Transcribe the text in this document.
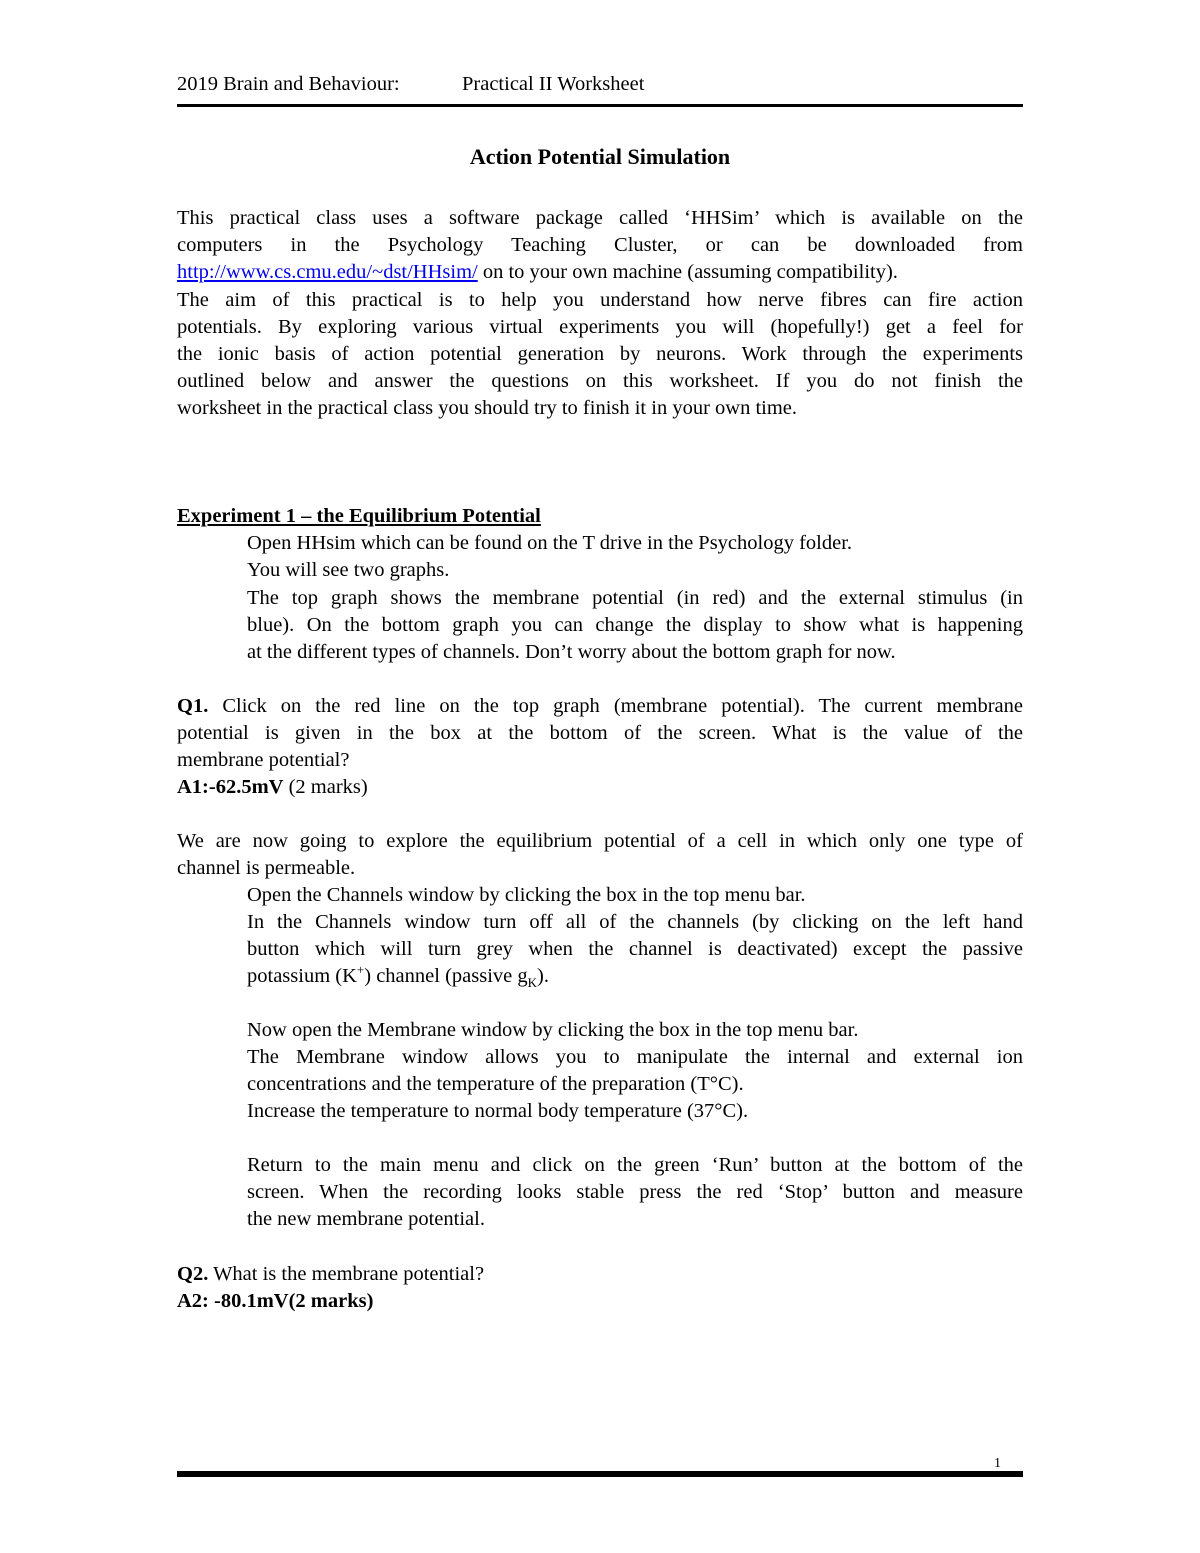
2019 Brain and Behaviour:	Practical II Worksheet
Action Potential Simulation
This practical class uses a software package called ‘HHSim’ which is available on the
computers in the Psychology Teaching Cluster, or can be downloaded from
http://www.cs.cmu.edu/~dst/HHsim/ on to your own machine (assuming compatibility).
The aim of this practical is to help you understand how nerve fibres can fire action
potentials. By exploring various virtual experiments you will (hopefully!) get a feel for
the ionic basis of action potential generation by neurons. Work through the experiments
outlined below and answer the questions on this worksheet. If you do not finish the
worksheet in the practical class you should try to finish it in your own time.
Experiment 1 – the Equilibrium Potential
Open HHsim which can be found on the T drive in the Psychology folder.
You will see two graphs.
The top graph shows the membrane potential (in red) and the external stimulus (in
blue). On the bottom graph you can change the display to show what is happening
at the different types of channels. Don’t worry about the bottom graph for now.
Q1. Click on the red line on the top graph (membrane potential). The current membrane
potential is given in the box at the bottom of the screen. What is the value of the
membrane potential?
A1:-62.5mV (2 marks)
We are now going to explore the equilibrium potential of a cell in which only one type of
channel is permeable.
Open the Channels window by clicking the box in the top menu bar.
In the Channels window turn off all of the channels (by clicking on the left hand
button which will turn grey when the channel is deactivated) except the passive
potassium (K+) channel (passive $g_K$).
Now open the Membrane window by clicking the box in the top menu bar.
The Membrane window allows you to manipulate the internal and external ion
concentrations and the temperature of the preparation (T°C).
Increase the temperature to normal body temperature (37°C).
Return to the main menu and click on the green ‘Run’ button at the bottom of the
screen. When the recording looks stable press the red ‘Stop’ button and measure
the new membrane potential.
Q2. What is the membrane potential?
A2: -80.1mV(2 marks)
1
